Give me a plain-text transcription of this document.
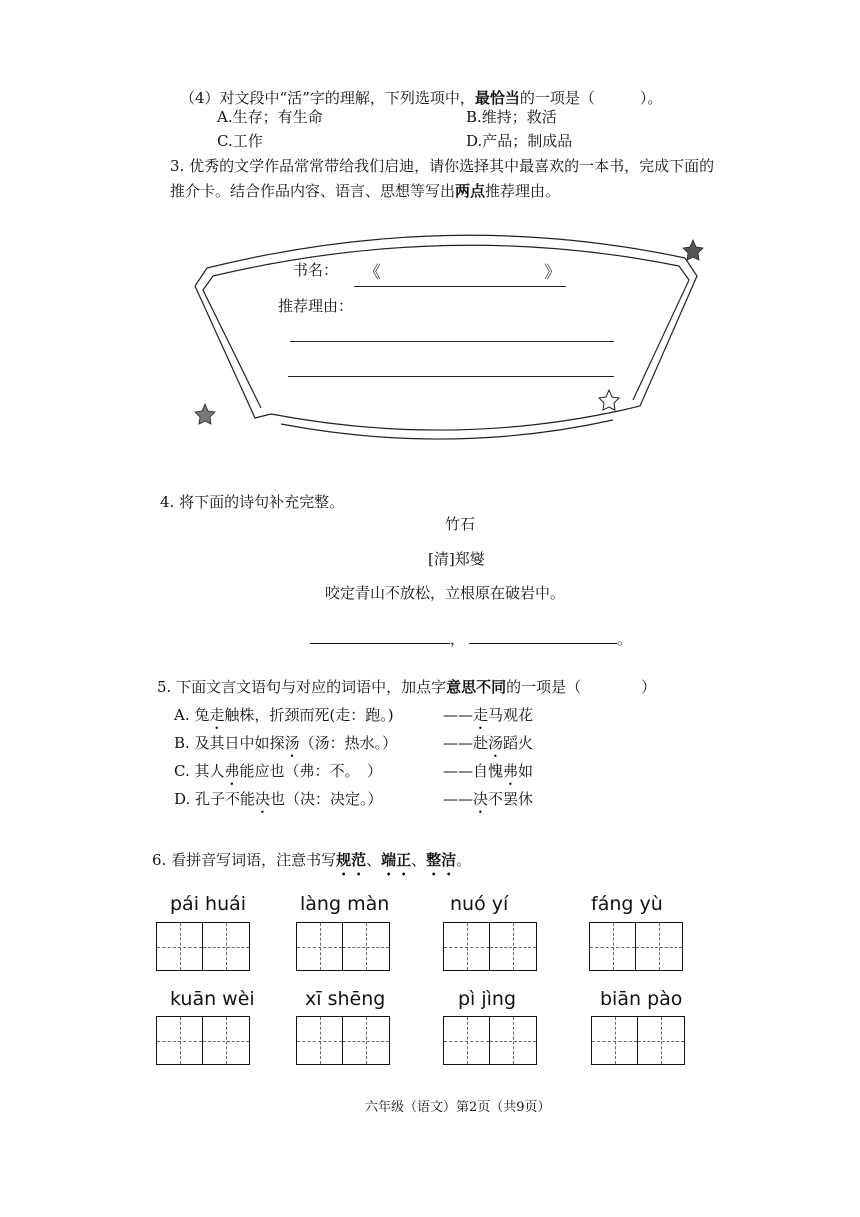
（4）对文段中“活”字的理解，下列选项中，最恰当的一项是（　　　）。
A.生存；有生命	B.维持；救活
C.工作	D.产品；制成品
3. 优秀的文学作品常常带给我们启迪，请你选择其中最喜欢的一本书，完成下面的
推介卡。结合作品内容、语言、思想等写出两点推荐理由。
书名： 《	》
推荐理由：
4. 将下面的诗句补充完整。
竹石
[清]郑燮
咬定青山不放松，立根原在破岩中。
，	。
5. 下面文言文语句与对应的词语中，加点字意思不同的一项是（　　　　）
A. 兔走触株，折颈而死(走：跑。)	——走马观花
B. 及其日中如探汤（汤：热水。）	——赴汤蹈火
C. 其人弗能应也（弗：不。　）	——自愧弗如
D. 孔子不能决也（决：决定。）	——决不罢休
6. 看拼音写词语，注意书写规范、端正、整洁。
pái huái	làng màn	nuó yí	fáng yù
kuān wèi	xī shēng	pì jìng	biān pào
六年级（语文）第2页（共9页）
